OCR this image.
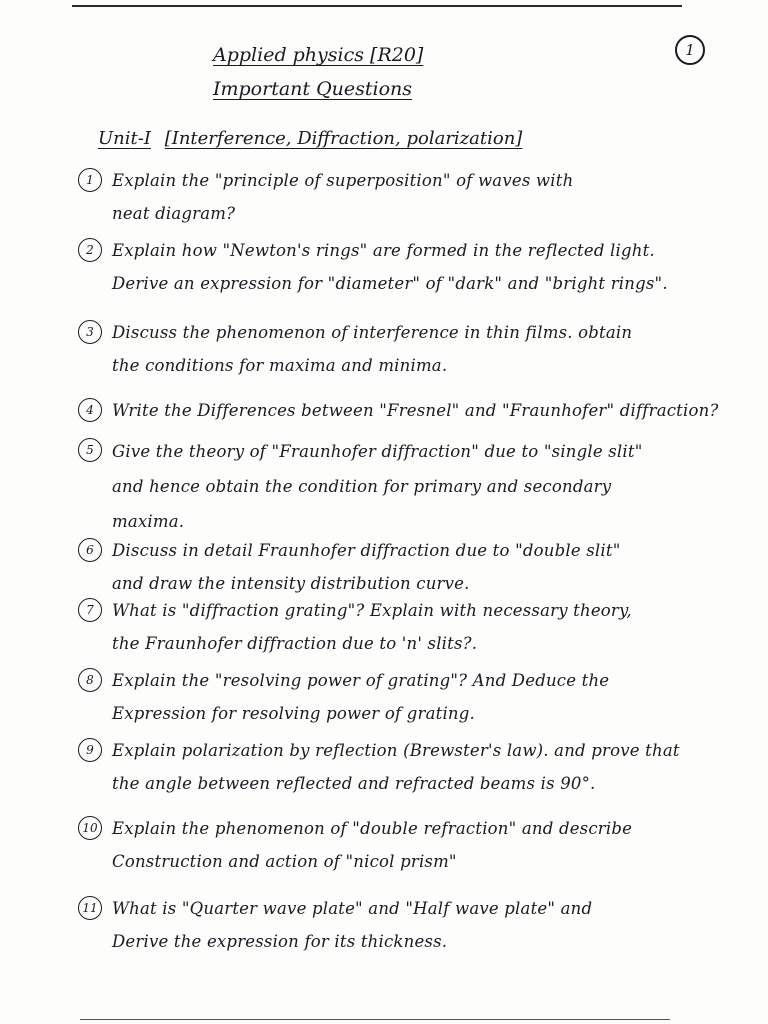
Applied physics [R20]
Important Questions
1
Unit-I [Interference, Diffraction, polarization]
1	Explain the "principle of superposition" of waves with
neat diagram?
2	Explain how "Newton's rings" are formed in the reflected light.
Derive an expression for "diameter" of "dark" and "bright rings".
3	Discuss the phenomenon of interference in thin films. obtain
the conditions for maxima and minima.
4	Write the Differences between "Fresnel" and "Fraunhofer" diffraction?
5	Give the theory of "Fraunhofer diffraction" due to "single slit"
and hence obtain the condition for primary and secondary
maxima.
6	Discuss in detail Fraunhofer diffraction due to "double slit"
and draw the intensity distribution curve.
7	What is "diffraction grating"? Explain with necessary theory,
the Fraunhofer diffraction due to 'n' slits?.
8	Explain the "resolving power of grating"? And Deduce the
Expression for resolving power of grating.
9	Explain polarization by reflection (Brewster's law). and prove that
the angle between reflected and refracted beams is 90°.
10 Explain the phenomenon of "double refraction" and describe
Construction and action of "nicol prism"
11 What is "Quarter wave plate" and "Half wave plate" and
Derive the expression for its thickness.
